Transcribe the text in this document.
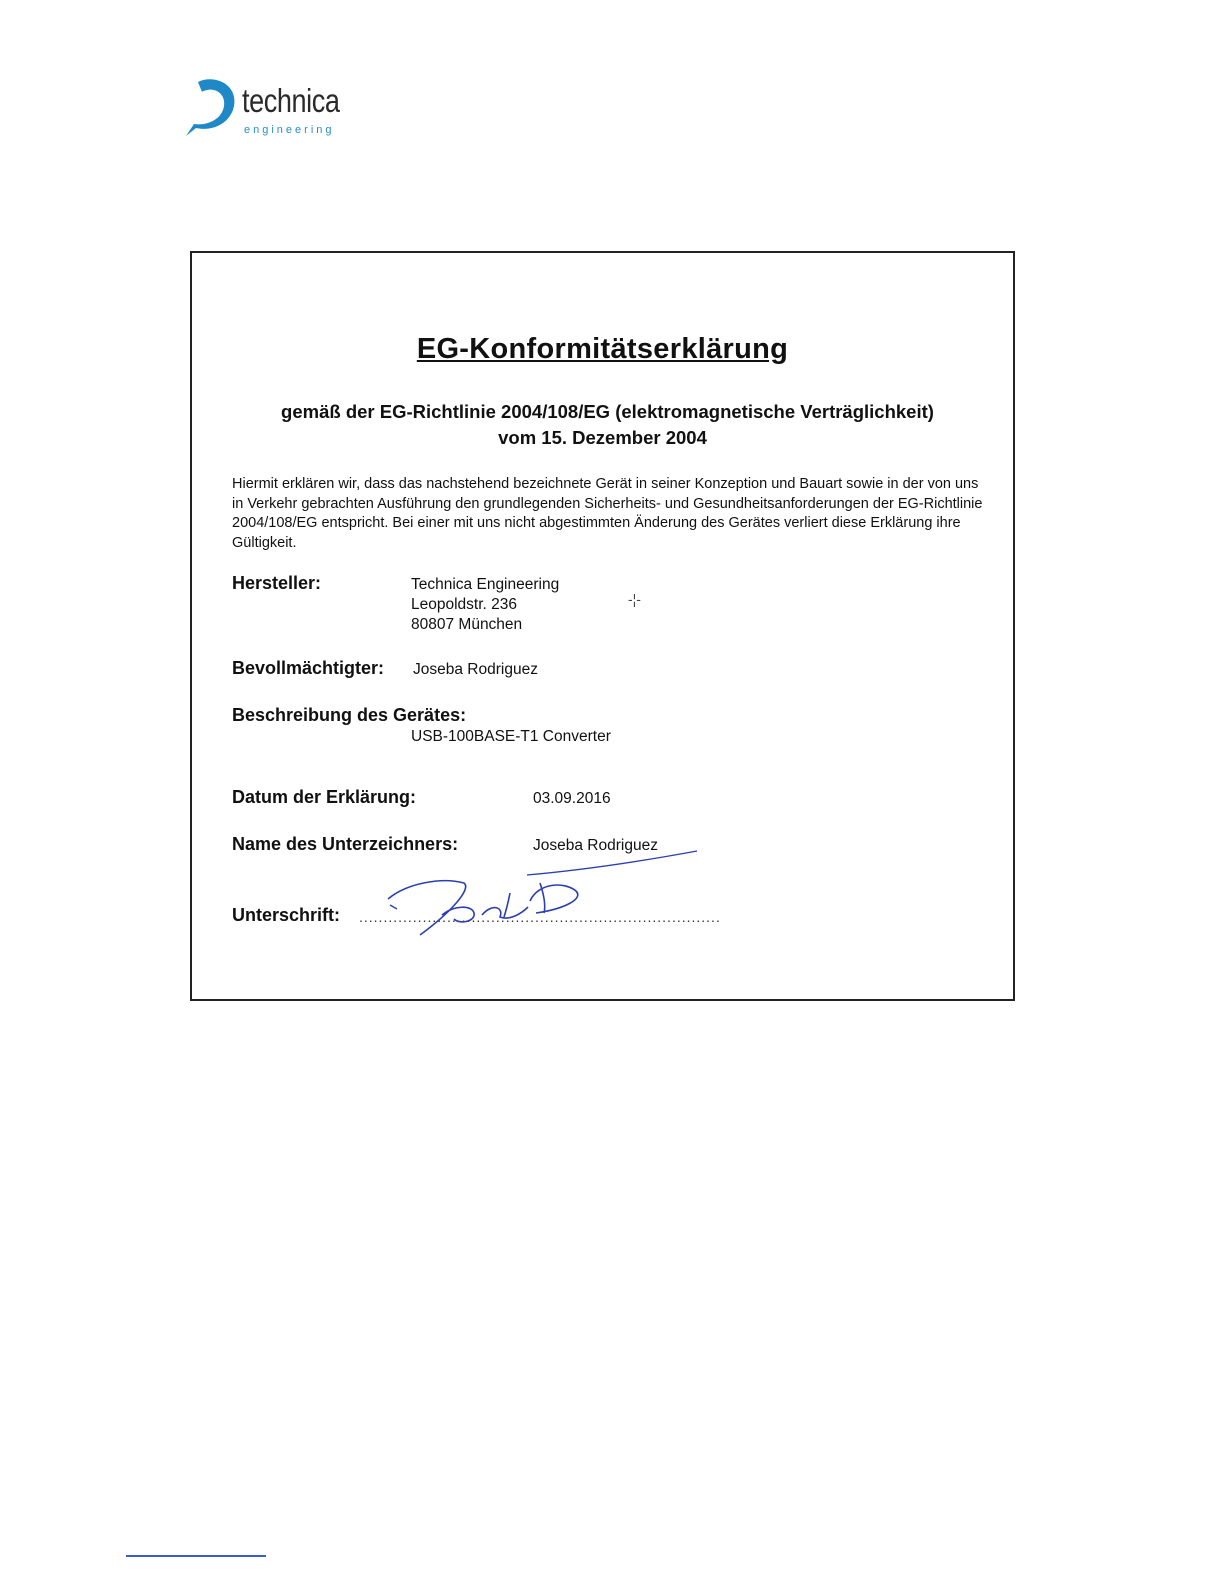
technica
engineering
EG-Konformitätserklärung
gemäß der EG-Richtlinie 2004/108/EG (elektromagnetische Verträglichkeit)
vom 15. Dezember 2004
Hiermit erklären wir, dass das nachstehend bezeichnete Gerät in seiner Konzeption und Bauart sowie in der von uns in Verkehr gebrachten Ausführung den grundlegenden Sicherheits- und Gesundheitsanforderungen der EG-Richtlinie 2004/108/EG entspricht. Bei einer mit uns nicht abgestimmten Änderung des Gerätes verliert diese Erklärung ihre Gültigkeit.
Hersteller:	Technica Engineering
Leopoldstr. 236
80807 München
-¦-
Bevollmächtigter: Joseba Rodriguez
Beschreibung des Gerätes:
USB-100BASE-T1 Converter
Datum der Erklärung:	03.09.2016
Name des Unterzeichners:	Joseba Rodriguez
Unterschrift: ..........................................................................
